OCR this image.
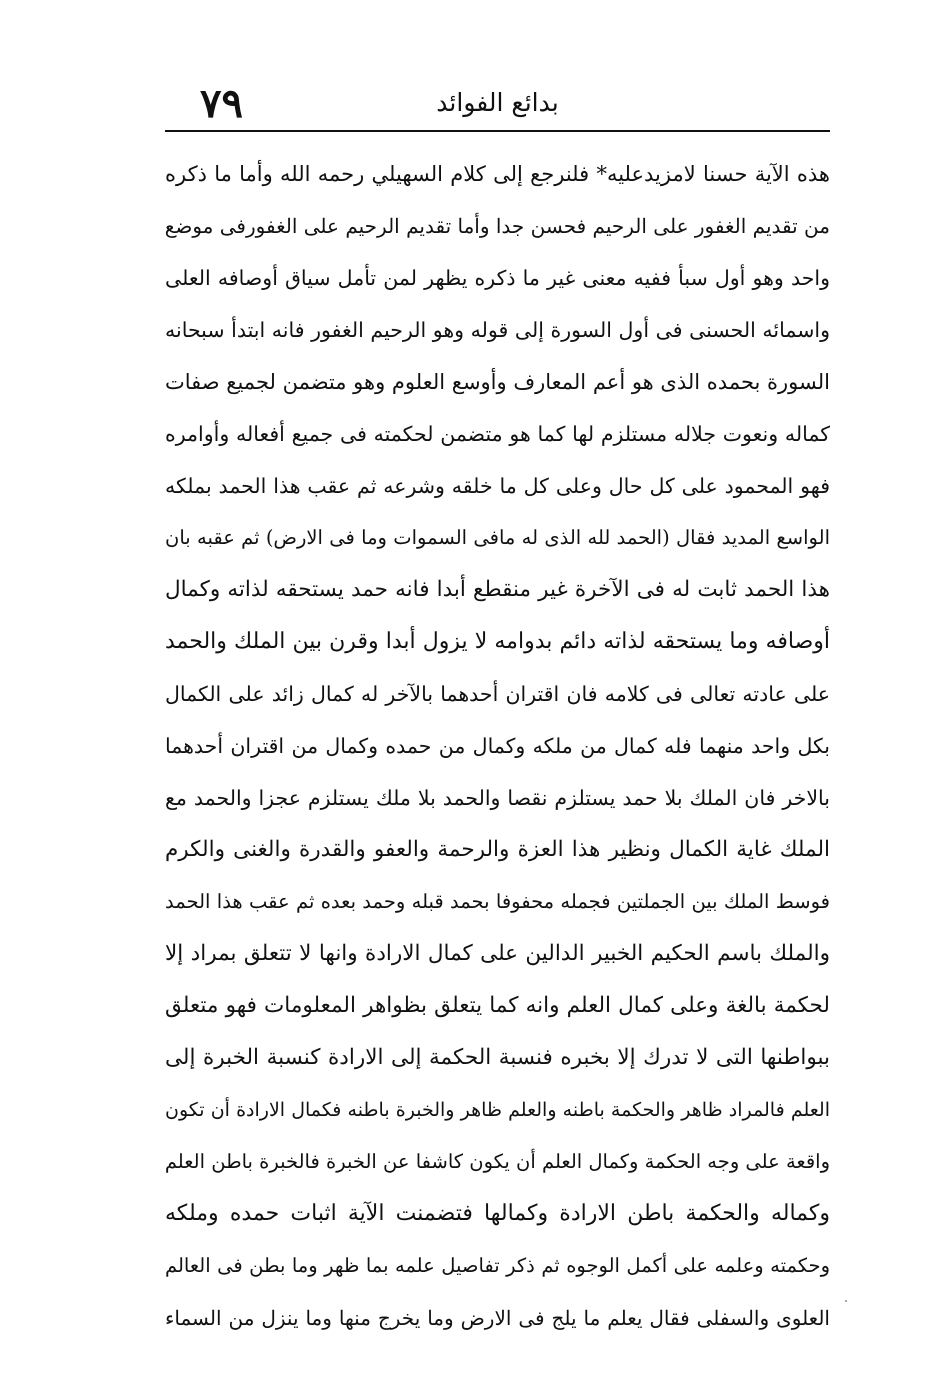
٧٩	بدائع الفوائد
هذه الآية حسنا لامزيدعليه* فلنرجع إلى كلام السهيلي رحمه الله وأما ما ذكره
من تقديم الغفور على الرحيم فحسن جدا وأما تقديم الرحيم على الغفورفى موضع
واحد وهو أول سبأ ففيه معنى غير ما ذكره يظهر لمن تأمل سياق أوصافه العلى
واسمائه الحسنى فى أول السورة إلى قوله وهو الرحيم الغفور فانه ابتدأ سبحانه
السورة بحمده الذى هو أعم المعارف وأوسع العلوم وهو متضمن لجميع صفات
كماله ونعوت جلاله مستلزم لها كما هو متضمن لحكمته فى جميع أفعاله وأوامره
فهو المحمود على كل حال وعلى كل ما خلقه وشرعه ثم عقب هذا الحمد بملكه
الواسع المديد فقال (الحمد لله الذى له مافى السموات وما فى الارض) ثم عقبه بان
هذا الحمد ثابت له فى الآخرة غير منقطع أبدا فانه حمد يستحقه لذاته وكمال
أوصافه وما يستحقه لذاته دائم بدوامه لا يزول أبدا وقرن بين الملك والحمد
على عادته تعالى فى كلامه فان اقتران أحدهما بالآخر له كمال زائد على الكمال
بكل واحد منهما فله كمال من ملكه وكمال من حمده وكمال من اقتران أحدهما
بالاخر فان الملك بلا حمد يستلزم نقصا والحمد بلا ملك يستلزم عجزا والحمد مع
الملك غاية الكمال ونظير هذا العزة والرحمة والعفو والقدرة والغنى والكرم
فوسط الملك بين الجملتين فجمله محفوفا بحمد قبله وحمد بعده ثم عقب هذا الحمد
والملك باسم الحكيم الخبير الدالين على كمال الارادة وانها لا تتعلق بمراد إلا
لحكمة بالغة وعلى كمال العلم وانه كما يتعلق بظواهر المعلومات فهو متعلق
ببواطنها التى لا تدرك إلا بخبره فنسبة الحكمة إلى الارادة كنسبة الخبرة إلى
العلم فالمراد ظاهر والحكمة باطنه والعلم ظاهر والخبرة باطنه فكمال الارادة أن تكون
واقعة على وجه الحكمة وكمال العلم أن يكون كاشفا عن الخبرة فالخبرة باطن العلم
وكماله والحكمة باطن الارادة وكمالها فتضمنت الآية اثبات حمده وملكه
وحكمته وعلمه على أكمل الوجوه ثم ذكر تفاصيل علمه بما ظهر وما بطن فى العالم
العلوى والسفلى فقال يعلم ما يلج فى الارض وما يخرج منها وما ينزل من السماء
